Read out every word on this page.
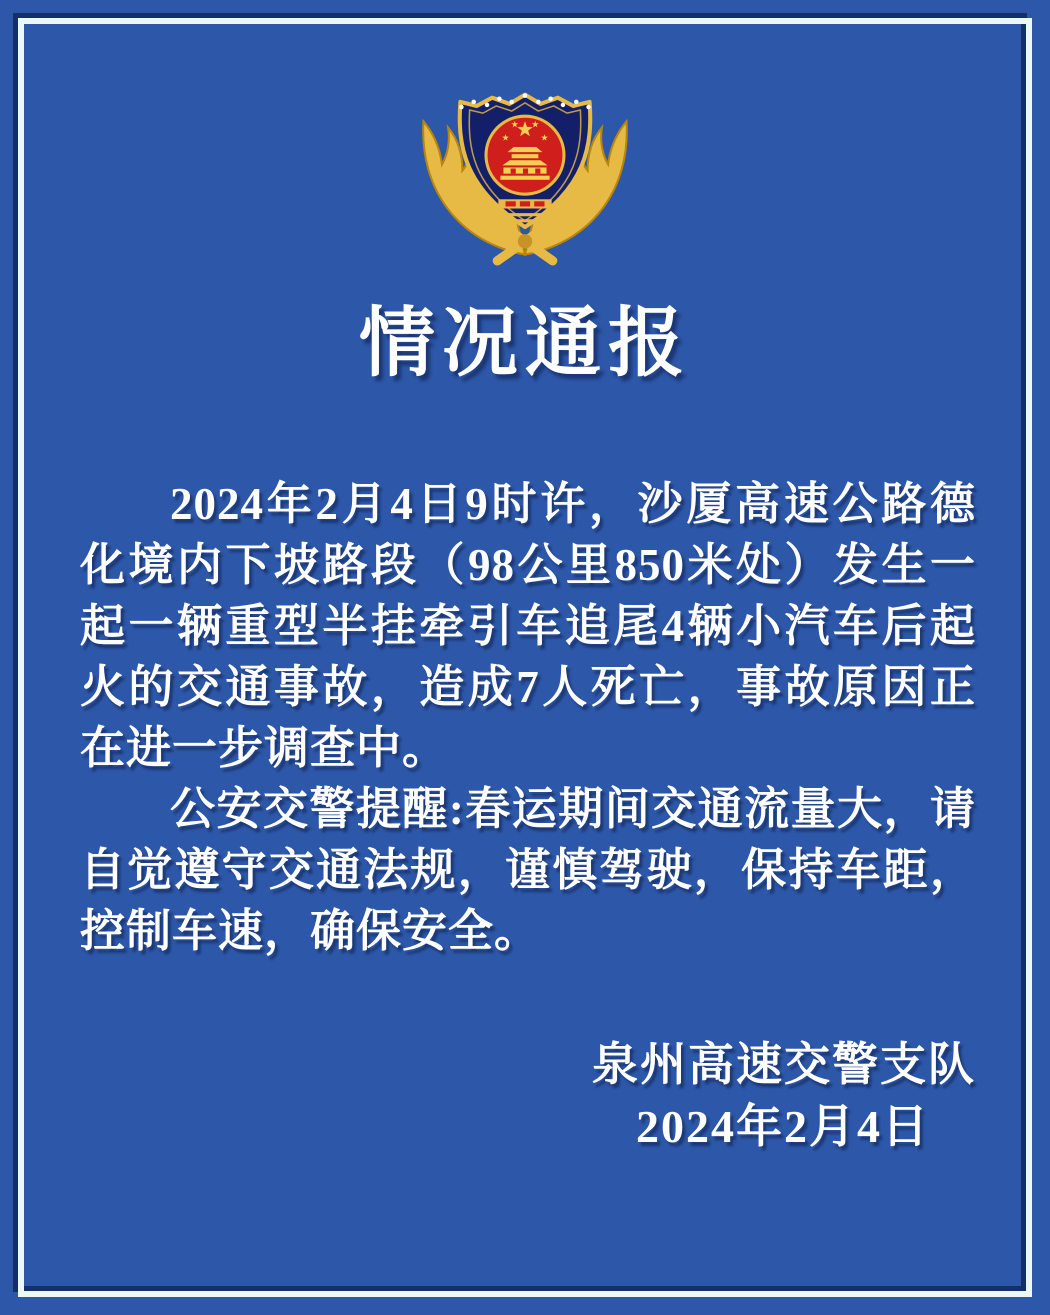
情况通报

2024年2月4日9时许，沙厦高速公路德化境内下坡路段（98公里850米处）发生一起一辆重型半挂牵引车追尾4辆小汽车后起火的交通事故，造成7人死亡，事故原因正在进一步调查中。

公安交警提醒:春运期间交通流量大，请自觉遵守交通法规，谨慎驾驶，保持车距，控制车速，确保安全。

泉州高速交警支队
2024年2月4日
